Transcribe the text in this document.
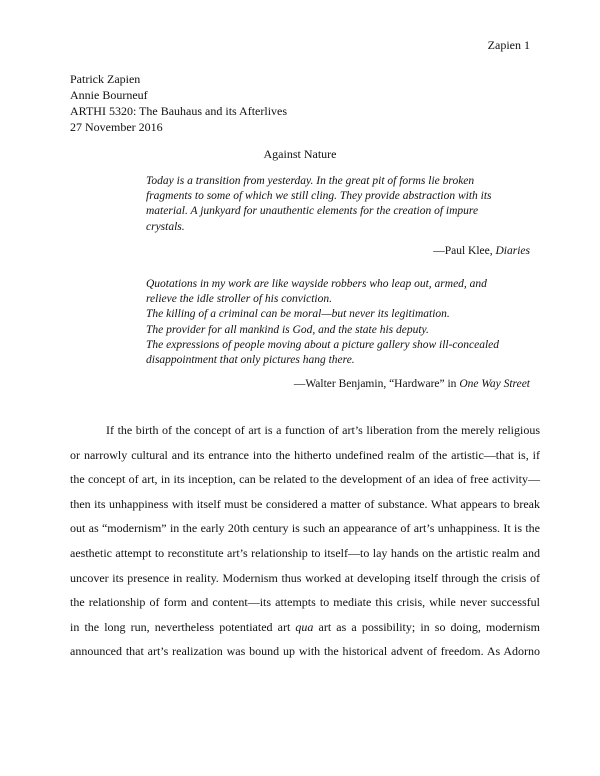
Zapien 1
Patrick Zapien
Annie Bourneuf
ARTHI 5320: The Bauhaus and its Afterlives
27 November 2016
Against Nature

Today is a transition from yesterday. In the great pit of forms lie broken

fragments to some of which we still cling. They provide abstraction with its

material. A junkyard for unauthentic elements for the creation of impure

crystals.

—Paul Klee, Diaries

Quotations in my work are like wayside robbers who leap out, armed, and

relieve the idle stroller of his conviction.

The killing of a criminal can be moral—but never its legitimation.

The provider for all mankind is God, and the state his deputy.

The expressions of people moving about a picture gallery show ill-concealed

disappointment that only pictures hang there.

—Walter Benjamin, “Hardware” in One Way Street
If the birth of the concept of art is a function of art’s liberation from the merely religious
or narrowly cultural and its entrance into the hitherto undefined realm of the artistic—that is, if
the concept of art, in its inception, can be related to the development of an idea of free activity—
then its unhappiness with itself must be considered a matter of substance. What appears to break
out as “modernism” in the early 20th century is such an appearance of art’s unhappiness. It is the
aesthetic attempt to reconstitute art’s relationship to itself—to lay hands on the artistic realm and
uncover its presence in reality. Modernism thus worked at developing itself through the crisis of
the relationship of form and content—its attempts to mediate this crisis, while never successful
in the long run, nevertheless potentiated art qua art as a possibility; in so doing, modernism
announced that art’s realization was bound up with the historical advent of freedom. As Adorno
